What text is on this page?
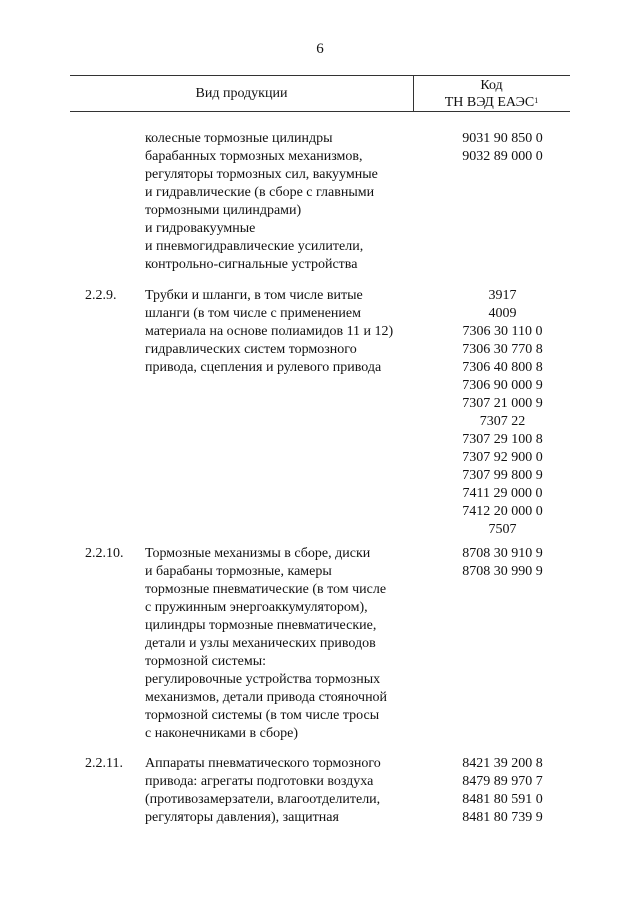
6
Вид продукции
Код
ТН ВЭД ЕАЭС$^1$
колесные тормозные цилиндры
барабанных тормозных механизмов,
регуляторы тормозных сил, вакуумные
и гидравлические (в сборе с главными
тормозными цилиндрами)
и гидровакуумные
и пневмогидравлические усилители,
контрольно-сигнальные устройства
9031 90 850 0
9032 89 000 0
2.2.9. Трубки и шланги, в том числе витые
шланги (в том числе с применением
материала на основе полиамидов 11 и 12)
гидравлических систем тормозного
привода, сцепления и рулевого привода
3917
4009
7306 30 110 0
7306 30 770 8
7306 40 800 8
7306 90 000 9
7307 21 000 9
7307 22
7307 29 100 8
7307 92 900 0
7307 99 800 9
7411 29 000 0
7412 20 000 0
7507
2.2.10. Тормозные механизмы в сборе, диски
и барабаны тормозные, камеры
тормозные пневматические (в том числе
с пружинным энергоаккумулятором),
цилиндры тормозные пневматические,
детали и узлы механических приводов
тормозной системы:
регулировочные устройства тормозных
механизмов, детали привода стояночной
тормозной системы (в том числе тросы
с наконечниками в сборе)
8708 30 910 9
8708 30 990 9
2.2.11. Аппараты пневматического тормозного
привода: агрегаты подготовки воздуха
(противозамерзатели, влагоотделители,
регуляторы давления), защитная
8421 39 200 8
8479 89 970 7
8481 80 591 0
8481 80 739 9
